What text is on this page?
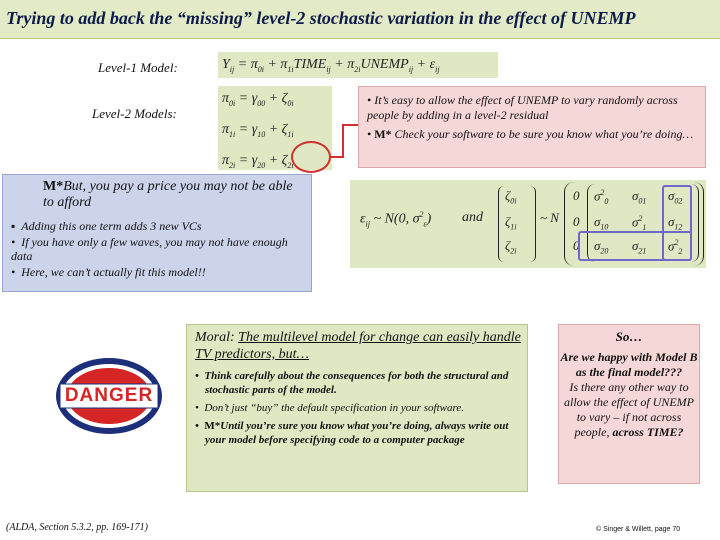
Trying to add back the “missing” level-2 stochastic variation in the effect of UNEMP
Level-1 Model:	$Y_{ij} = \pi_{0i}$ + $\pi_{1i}TIME_{ij}$ + $\pi_{2i}UNEMP_{ij} + \varepsilon_{ij}$
Level-2 Models:
$\pi_{0i} = \gamma_{00} + \zeta_{0i}$
$\pi_{1i} = \gamma_{10} + \zeta_{1i}$
$\pi_{2i} = \gamma_{20} + \zeta_{2i}$
• It’s easy to allow the effect of UNEMP to vary randomly across people by adding in a level-2 residual
• M* Check your software to be sure you know what you’re doing…
M*But, you pay a price you may not be able to afford
▪  Adding this one term adds 3 new VCs
•  If you have only a few waves, you may not have enough data
•  Here, we can’t actually fit this model!!
$\varepsilon_{ij}$ ~ N(0, $\sigma^2_\varepsilon$) and
$\zeta_{0i}$
$\zeta_{1i}$
$\zeta_{2i}$
~ N
0
0
0
$\sigma^2_0$ $\sigma_{01}$ $\sigma_{02}$
$\sigma_{10}$ $\sigma^2_1$ $\sigma_{12}$
$\sigma_{20}$ $\sigma_{21}$ $\sigma^2_2$
DANGER
Moral: The multilevel model for change can easily handle TV predictors, but…
•  Think carefully about the consequences for both the structural and stochastic parts of the model.
•  Don’t just “buy” the default specification in your software.
•  M*Until you’re sure you know what you’re doing, always write out your model before specifying code to a computer package
So…
Are we happy with Model B as the final model???
Is there any other way to allow the effect of UNEMP to vary – if not across people, across TIME?
(ALDA, Section 5.3.2, pp. 169-171)	© Singer & Willett, page 70
